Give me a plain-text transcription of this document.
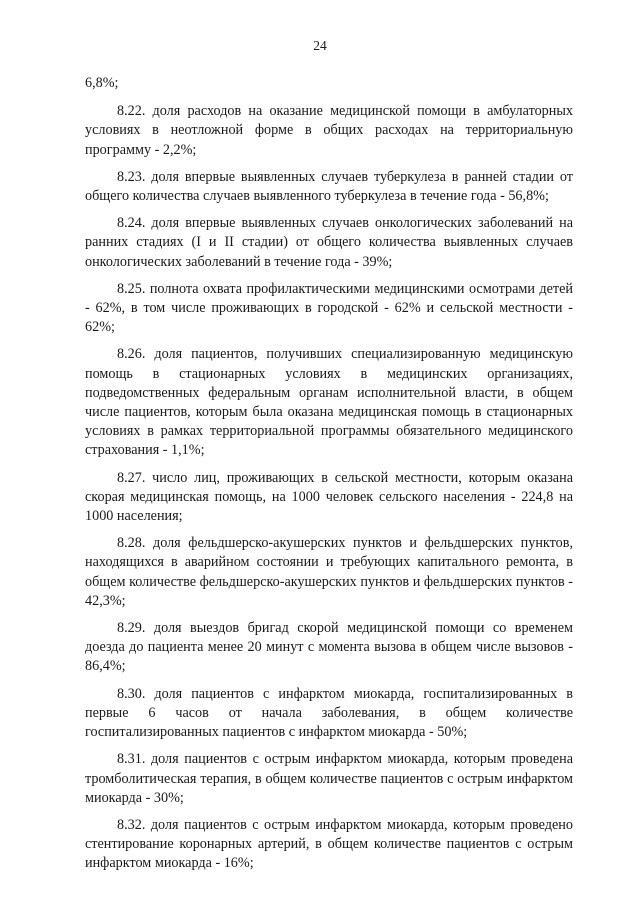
24

6,8%;

8.22. доля расходов на оказание медицинской помощи в амбулаторных условиях в неотложной форме в общих расходах на территориальную программу - 2,2%;

8.23. доля впервые выявленных случаев туберкулеза в ранней стадии от общего количества случаев выявленного туберкулеза в течение года - 56,8%;

8.24. доля впервые выявленных случаев онкологических заболеваний на ранних стадиях (I и II стадии) от общего количества выявленных случаев онкологических заболеваний в течение года - 39%;

8.25. полнота охвата профилактическими медицинскими осмотрами детей - 62%, в том числе проживающих в городской - 62% и сельской местности - 62%;

8.26. доля пациентов, получивших специализированную медицинскую помощь в стационарных условиях в медицинских организациях, подведомственных федеральным органам исполнительной власти, в общем числе пациентов, которым была оказана медицинская помощь в стационарных условиях в рамках территориальной программы обязательного медицинского страхования - 1,1%;

8.27. число лиц, проживающих в сельской местности, которым оказана скорая медицинская помощь, на 1000 человек сельского населения - 224,8 на 1000 населения;

8.28. доля фельдшерско-акушерских пунктов и фельдшерских пунктов, находящихся в аварийном состоянии и требующих капитального ремонта, в общем количестве фельдшерско-акушерских пунктов и фельдшерских пунктов - 42,3%;

8.29. доля выездов бригад скорой медицинской помощи со временем доезда до пациента менее 20 минут с момента вызова в общем числе вызовов - 86,4%;

8.30. доля пациентов с инфарктом миокарда, госпитализированных в первые 6 часов от начала заболевания, в общем количестве госпитализированных пациентов с инфарктом миокарда - 50%;

8.31. доля пациентов с острым инфарктом миокарда, которым проведена тромболитическая терапия, в общем количестве пациентов с острым инфарктом миокарда - 30%;

8.32. доля пациентов с острым инфарктом миокарда, которым проведено стентирование коронарных артерий, в общем количестве пациентов с острым инфарктом миокарда - 16%;
